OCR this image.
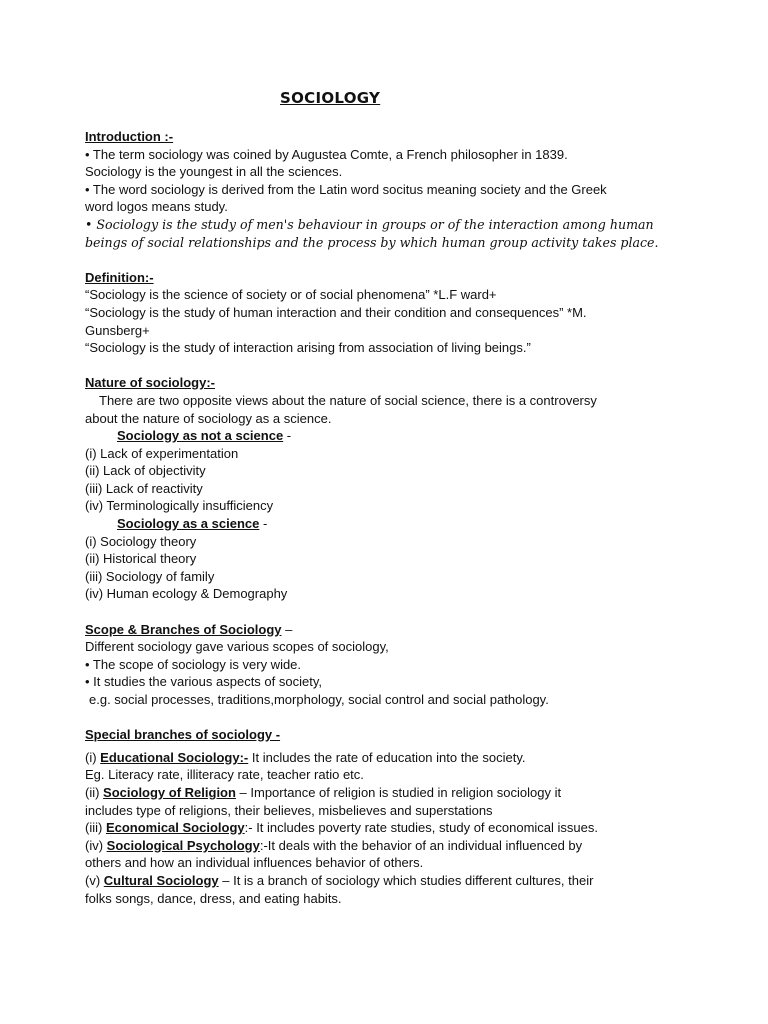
SOCIOLOGY
Introduction :-
• The term sociology was coined by Augustea Comte, a French philosopher in 1839.
Sociology is the youngest in all the sciences.
• The word sociology is derived from the Latin word socitus meaning society and the Greek
word logos means study.
• Sociology is the study of men's behaviour in groups or of the interaction among human
beings of social relationships and the process by which human group activity takes place.
Definition:-
“Sociology is the science of society or of social phenomena” *L.F ward+
“Sociology is the study of human interaction and their condition and consequences” *M.
Gunsberg+
“Sociology is the study of interaction arising from association of living beings.”
Nature of sociology:-
There are two opposite views about the nature of social science, there is a controversy
about the nature of sociology as a science.
Sociology as not a science -
(i) Lack of experimentation
(ii) Lack of objectivity
(iii) Lack of reactivity
(iv) Terminologically insufficiency
Sociology as a science -
(i) Sociology theory
(ii) Historical theory
(iii) Sociology of family
(iv) Human ecology & Demography
Scope & Branches of Sociology –
Different sociology gave various scopes of sociology,
• The scope of sociology is very wide.
• It studies the various aspects of society,
e.g. social processes, traditions,morphology, social control and social pathology.
Special branches of sociology -
(i) Educational Sociology:- It includes the rate of education into the society.
Eg. Literacy rate, illiteracy rate, teacher ratio etc.
(ii) Sociology of Religion – Importance of religion is studied in religion sociology it
includes type of religions, their believes, misbelieves and superstations
(iii) Economical Sociology:- It includes poverty rate studies, study of economical issues.
(iv) Sociological Psychology:-It deals with the behavior of an individual influenced by
others and how an individual influences behavior of others.
(v) Cultural Sociology – It is a branch of sociology which studies different cultures, their
folks songs, dance, dress, and eating habits.
